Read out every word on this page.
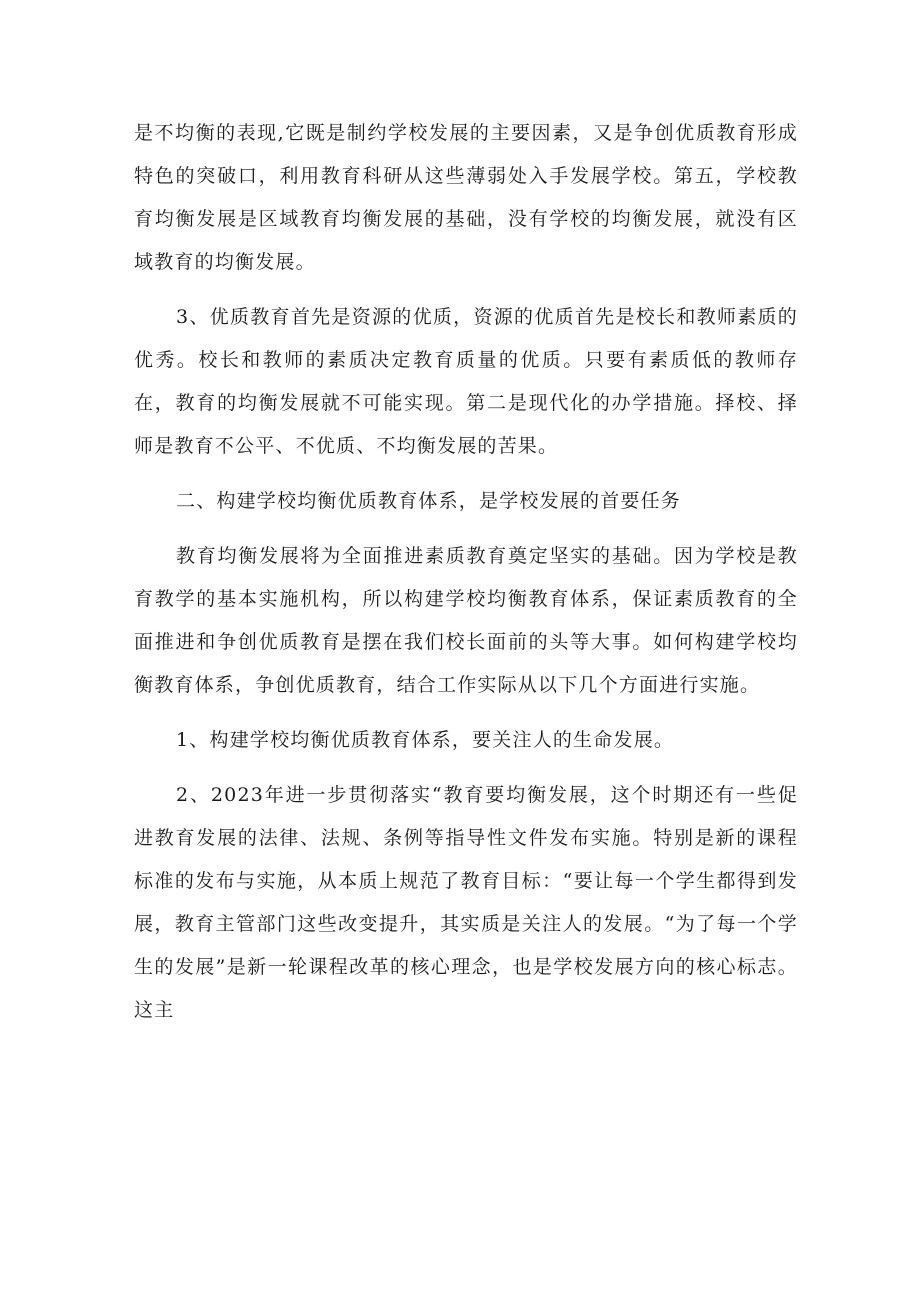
是不均衡的表现,它既是制约学校发展的主要因素，又是争创优质教育形成特色的突破口，利用教育科研从这些薄弱处入手发展学校。第五，学校教育均衡发展是区域教育均衡发展的基础，没有学校的均衡发展，就没有区域教育的均衡发展。

3、优质教育首先是资源的优质，资源的优质首先是校长和教师素质的优秀。校长和教师的素质决定教育质量的优质。只要有素质低的教师存在，教育的均衡发展就不可能实现。第二是现代化的办学措施。择校、择师是教育不公平、不优质、不均衡发展的苦果。

二、构建学校均衡优质教育体系，是学校发展的首要任务

教育均衡发展将为全面推进素质教育奠定坚实的基础。因为学校是教育教学的基本实施机构，所以构建学校均衡教育体系，保证素质教育的全面推进和争创优质教育是摆在我们校长面前的头等大事。如何构建学校均衡教育体系，争创优质教育，结合工作实际从以下几个方面进行实施。

1、构建学校均衡优质教育体系，要关注人的生命发展。

2、2023年进一步贯彻落实“教育要均衡发展，这个时期还有一些促进教育发展的法律、法规、条例等指导性文件发布实施。特别是新的课程标准的发布与实施，从本质上规范了教育目标：“要让每一个学生都得到发展，教育主管部门这些改变提升，其实质是关注人的发展。“为了每一个学生的发展”是新一轮课程改革的核心理念，也是学校发展方向的核心标志。这主
